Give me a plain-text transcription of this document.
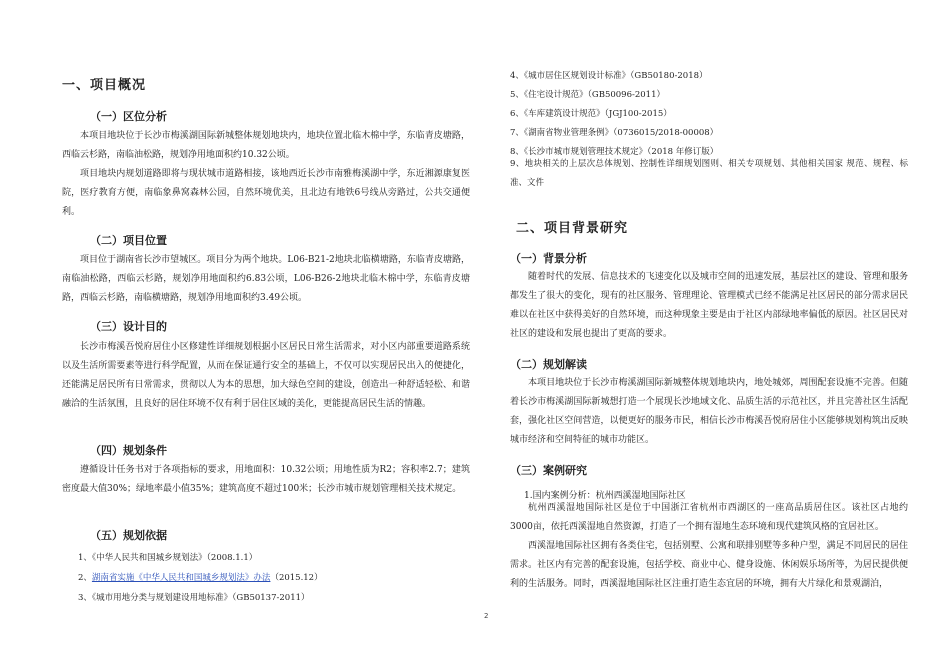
一、项目概况
（一）区位分析

本项目地块位于长沙市梅溪湖国际新城整体规划地块内，地块位置北临木棉中学，东临青皮塘路，西临云杉路，南临油松路，规划净用地面积约10.32公顷。

项目地块内规划道路即将与现状城市道路相接，该地西近长沙市南雅梅溪湖中学，东近湘源康复医院，医疗教育方便，南临象鼻窝森林公园，自然环境优美，且北边有地铁6号线从旁路过，公共交通便利。

（二）项目位置

项目位于湖南省长沙市望城区。项目分为两个地块。L06-B21-2地块北临横塘路，东临青皮塘路，南临油松路，西临云杉路，规划净用地面积约6.83公顷，L06-B26-2地块北临木棉中学，东临青皮塘路，西临云杉路，南临横塘路，规划净用地面积约3.49公顷。

（三）设计目的

长沙市梅溪吾悦府居住小区修建性详细规划根据小区居民日常生活需求，对小区内部重要道路系统以及生活所需要素等进行科学配置，从而在保证通行安全的基础上，不仅可以实现居民出入的便捷化，还能满足居民所有日常需求，贯彻以人为本的思想，加大绿色空间的建设，创造出一种舒适轻松、和谐融洽的生活氛围，且良好的居住环境不仅有利于居住区域的美化，更能提高居民生活的情趣。

（四）规划条件

遵循设计任务书对于各项指标的要求，用地面积：10.32公顷；用地性质为R2；容积率2.7；建筑密度最大值30%；绿地率最小值35%；建筑高度不超过100米；长沙市城市规划管理相关技术规定。

（五）规划依据
1、《中华人民共和国城乡规划法》（2008.1.1）
2、湖南省实施《中华人民共和国城乡规划法》办法（2015.12）
3、《城市用地分类与规划建设用地标准》（GB50137-2011）
4、《城市居住区规划设计标准》（GB50180-2018）
5、《住宅设计规范》（GB50096-2011）
6、《车库建筑设计规范》（JGJ100-2015）
7、《湖南省物业管理条例》（0736015/2018-00008）
8、《长沙市城市规划管理技术规定》（2018 年修订版）

9、地块相关的上层次总体规划、控制性详细规划图则、相关专项规划、其他相关国家 规范、规程、标准、文件

二、项目背景研究
（一）背景分析

随着时代的发展、信息技术的飞速变化以及城市空间的迅速发展，基层社区的建设、管理和服务都发生了很大的变化，现有的社区服务、管理理论、管理模式已经不能满足社区居民的部分需求居民难以在社区中获得美好的自然环境，而这种现象主要是由于社区内部绿地率偏低的原因。社区居民对社区的建设和发展也提出了更高的要求。

（二）规划解读

本项目地块位于长沙市梅溪湖国际新城整体规划地块内，地处城郊，周围配套设施不完善。但随着长沙市梅溪湖国际新城想打造一个展现长沙地域文化、品质生活的示范社区，并且完善社区生活配套，强化社区空间营造，以便更好的服务市民，相信长沙市梅溪吾悦府居住小区能够规划构筑出反映城市经济和空间特征的城市功能区。

（三）案例研究
1.国内案例分析：杭州西溪湿地国际社区

杭州西溪湿地国际社区是位于中国浙江省杭州市西湖区的一座高品质居住区。该社区占地约3000亩，依托西溪湿地自然资源，打造了一个拥有湿地生态环境和现代建筑风格的宜居社区。

西溪湿地国际社区拥有各类住宅，包括别墅、公寓和联排别墅等多种户型，满足不同居民的居住需求。社区内有完善的配套设施，包括学校、商业中心、健身设施、休闲娱乐场所等，为居民提供便利的生活服务。同时，西溪湿地国际社区注重打造生态宜居的环境，拥有大片绿化和景观湖泊，

2
